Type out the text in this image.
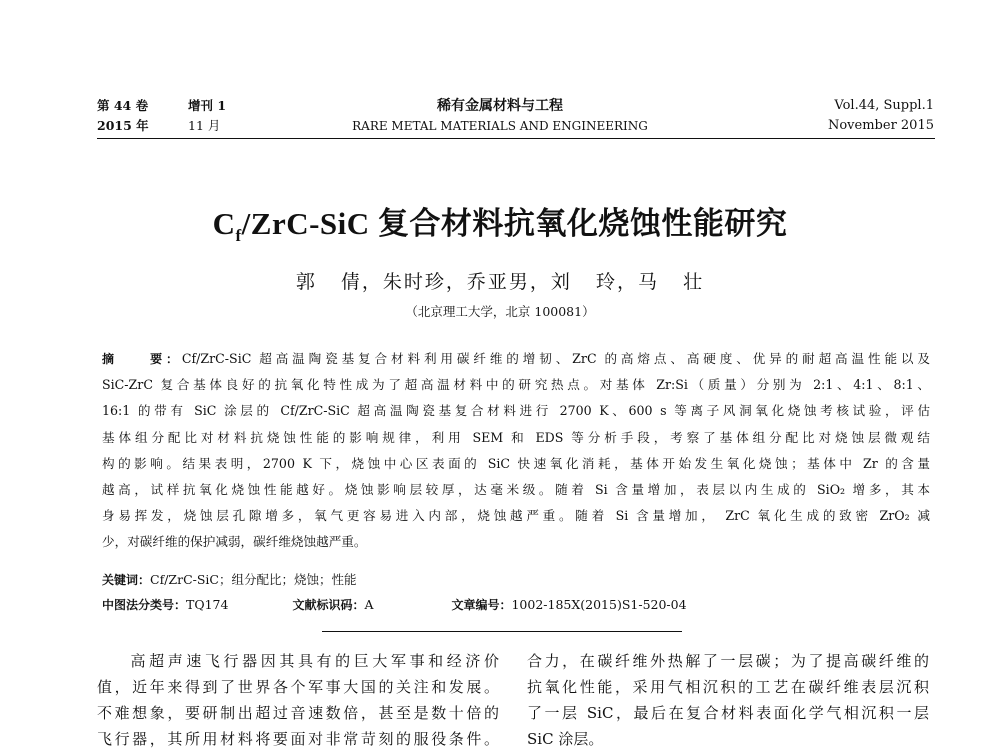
第 44 卷	增刊 1	稀有金属材料与工程	Vol.44, Suppl.1
2015 年	11 月	RARE METAL MATERIALS AND ENGINEERING	November 2015
$C_f/ZrC$-SiC 复合材料抗氧化烧蚀性能研究
郭   倩，朱时珍，乔亚男，刘   玲，马   壮
（北京理工大学，北京 100081）
摘    要：Cf/ZrC-SiC 超高温陶瓷基复合材料利用碳纤维的增韧、ZrC 的高熔点、高硬度、优异的耐超高温性能以及
SiC-ZrC 复合基体良好的抗氧化特性成为了超高温材料中的研究热点。对基体 Zr:Si（质量）分别为 2:1、4:1、8:1、
16:1 的带有 SiC 涂层的 Cf/ZrC-SiC 超高温陶瓷基复合材料进行 2700 K、600 s 等离子风洞氧化烧蚀考核试验，评估
基体组分配比对材料抗烧蚀性能的影响规律，利用 SEM 和 EDS 等分析手段，考察了基体组分配比对烧蚀层微观结
构的影响。结果表明，2700 K 下，烧蚀中心区表面的 SiC 快速氧化消耗，基体开始发生氧化烧蚀；基体中 Zr 的含量
越高，试样抗氧化烧蚀性能越好。烧蚀影响层较厚，达毫米级。随着 Si 含量增加，表层以内生成的 SiO₂ 增多，其本
身易挥发，烧蚀层孔隙增多，氧气更容易进入内部，烧蚀越严重。随着 Si 含量增加， ZrC 氧化生成的致密 ZrO₂ 减
少，对碳纤维的保护减弱，碳纤维烧蚀越严重。
关键词：Cf/ZrC-SiC；组分配比；烧蚀；性能
中图法分类号：TQ174	文献标识码：A	文章编号：1002-185X(2015)S1-520-04
高超声速飞行器因其具有的巨大军事和经济价
值，近年来得到了世界各个军事大国的关注和发展。
不难想象，要研制出超过音速数倍，甚至是数十倍的
飞行器，其所用材料将要面对非常苛刻的服役条件。
合力，在碳纤维外热解了一层碳；为了提高碳纤维的
抗氧化性能，采用气相沉积的工艺在碳纤维表层沉积
了一层 SiC，最后在复合材料表面化学气相沉积一层
SiC 涂层。
